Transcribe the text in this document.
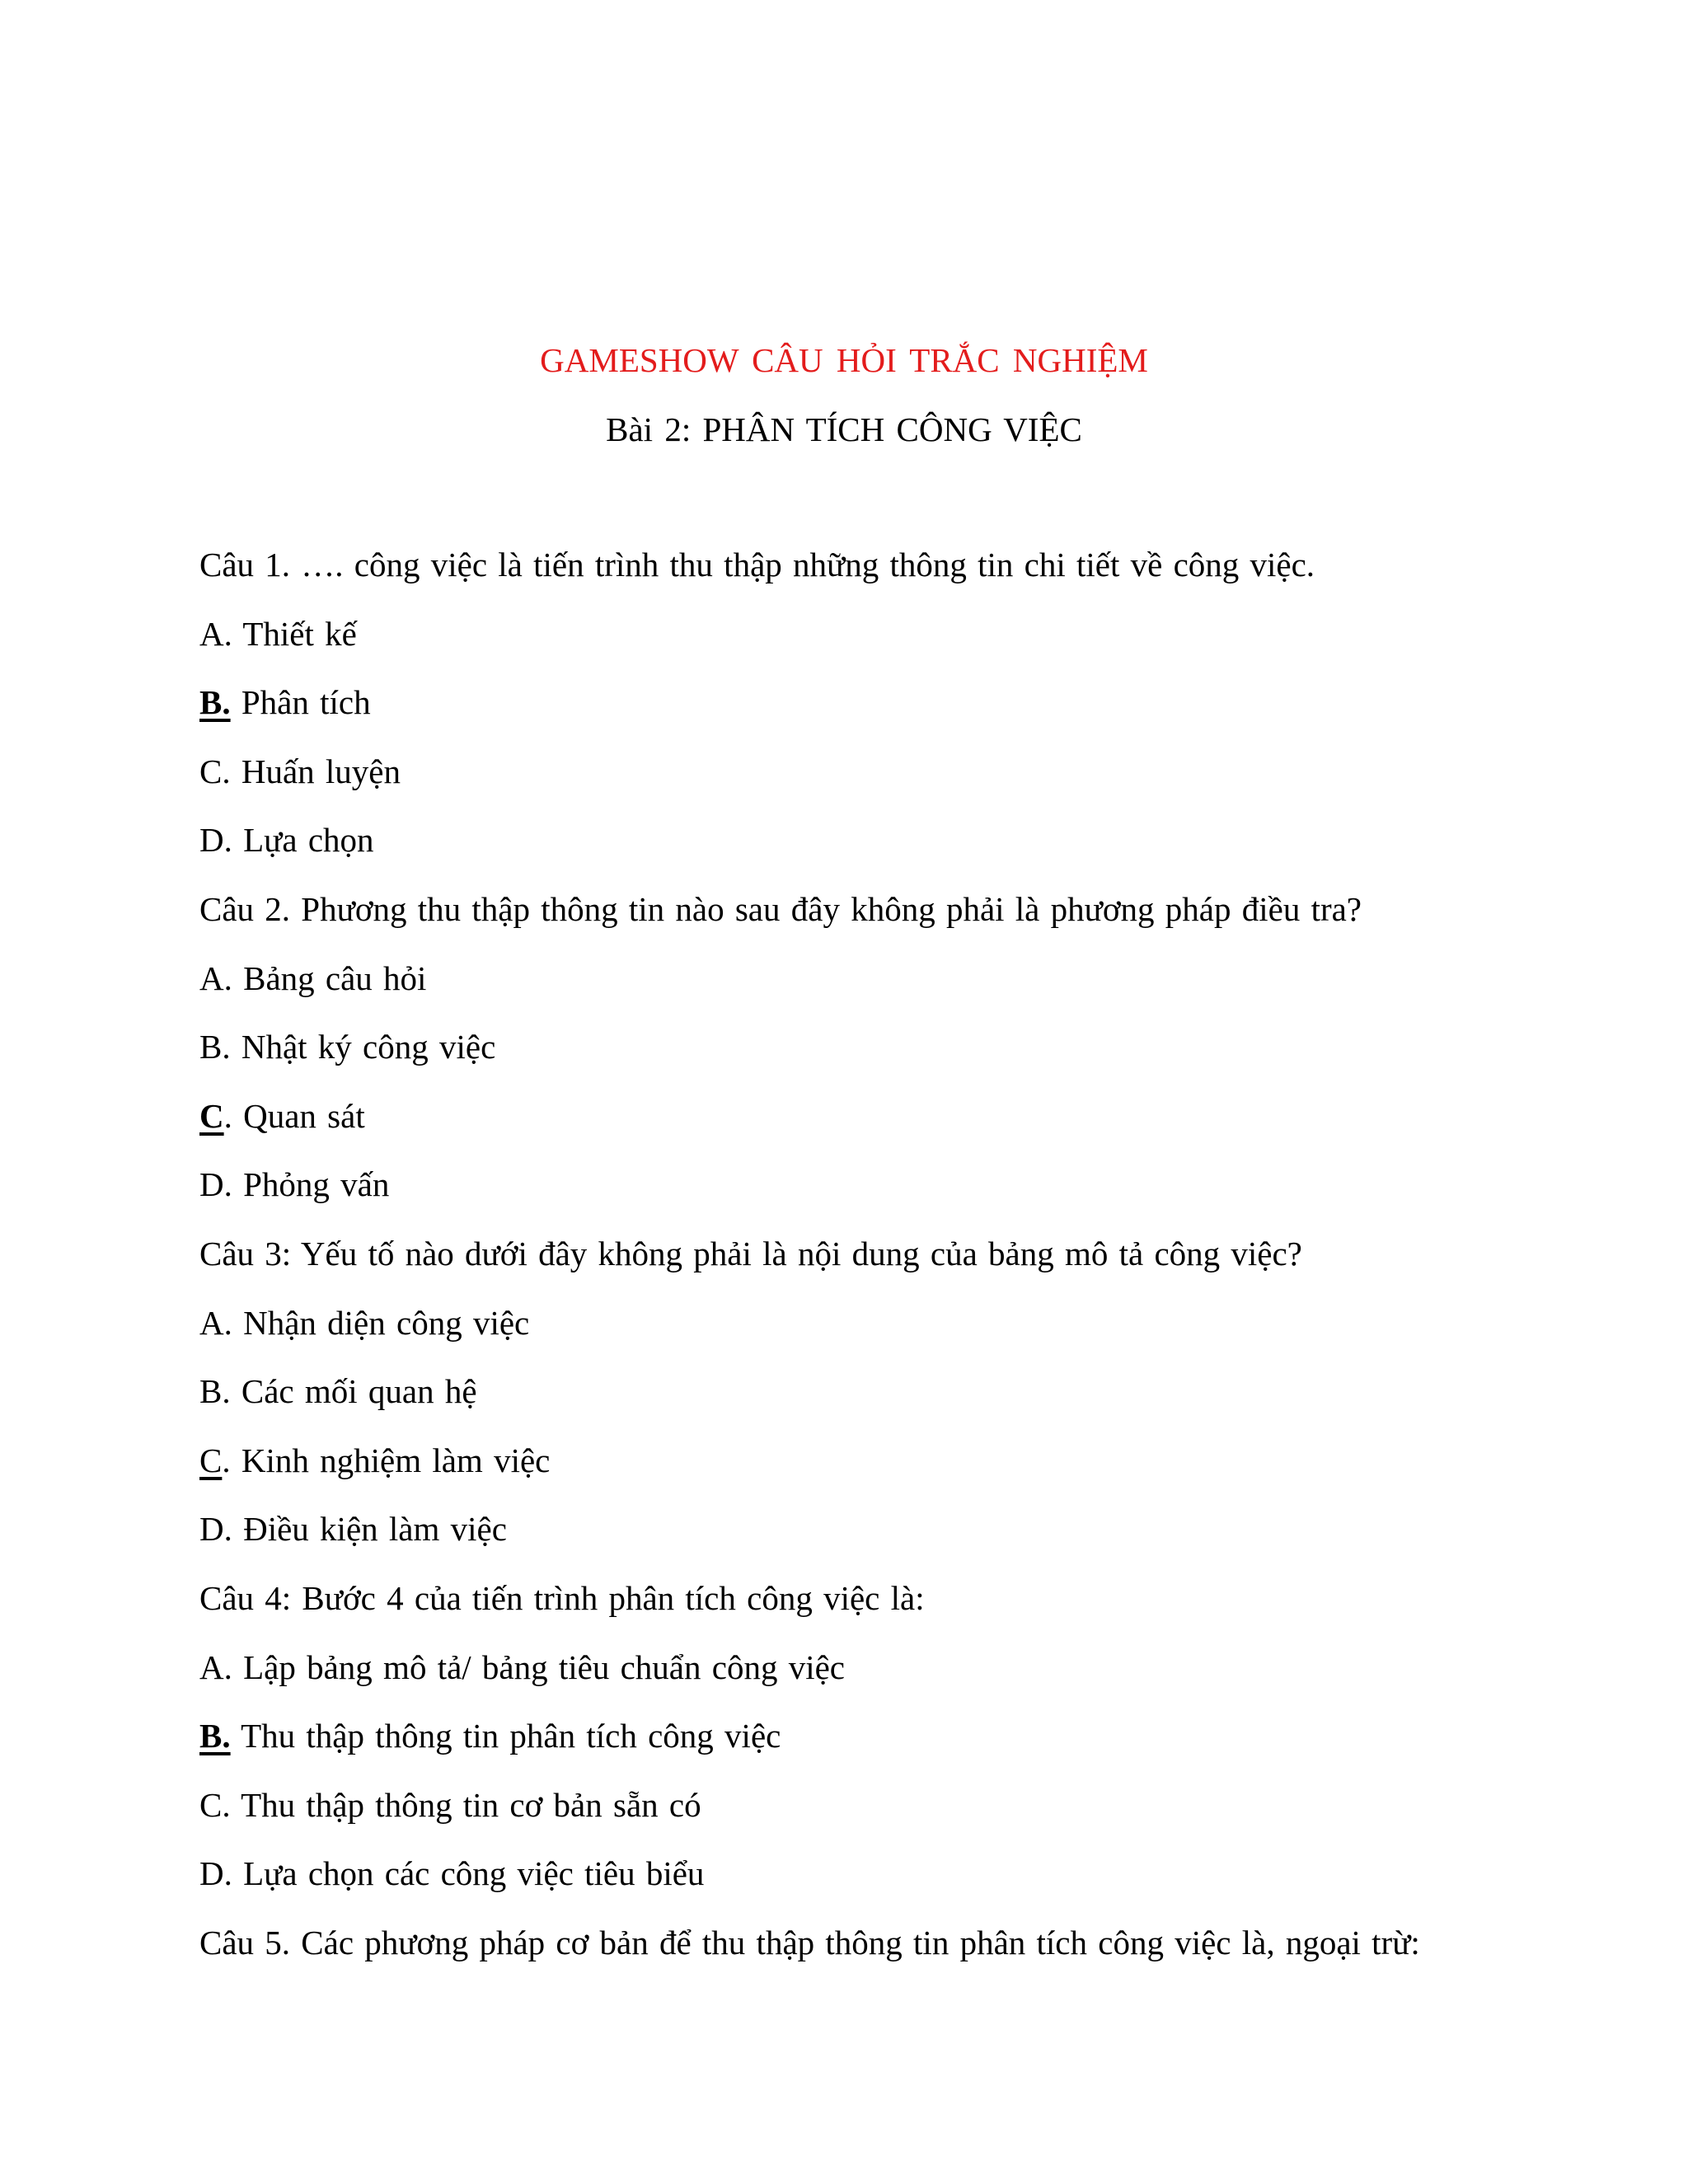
GAMESHOW CÂU HỎI TRẮC NGHIỆM
Bài 2: PHÂN TÍCH CÔNG VIỆC
Câu 1. …. công việc là tiến trình thu thập những thông tin chi tiết về công việc.
A. Thiết kế
B. Phân tích
C. Huấn luyện
D. Lựa chọn
Câu 2. Phương thu thập thông tin nào sau đây không phải là phương pháp điều tra?
A. Bảng câu hỏi
B. Nhật ký công việc
C. Quan sát
D. Phỏng vấn
Câu 3: Yếu tố nào dưới đây không phải là nội dung của bảng mô tả công việc?
A. Nhận diện công việc
B. Các mối quan hệ
C. Kinh nghiệm làm việc
D. Điều kiện làm việc
Câu 4: Bước 4 của tiến trình phân tích công việc là:
A. Lập bảng mô tả/ bảng tiêu chuẩn công việc
B. Thu thập thông tin phân tích công việc
C. Thu thập thông tin cơ bản sẵn có
D. Lựa chọn các công việc tiêu biểu
Câu 5. Các phương pháp cơ bản để thu thập thông tin phân tích công việc là, ngoại trừ:
